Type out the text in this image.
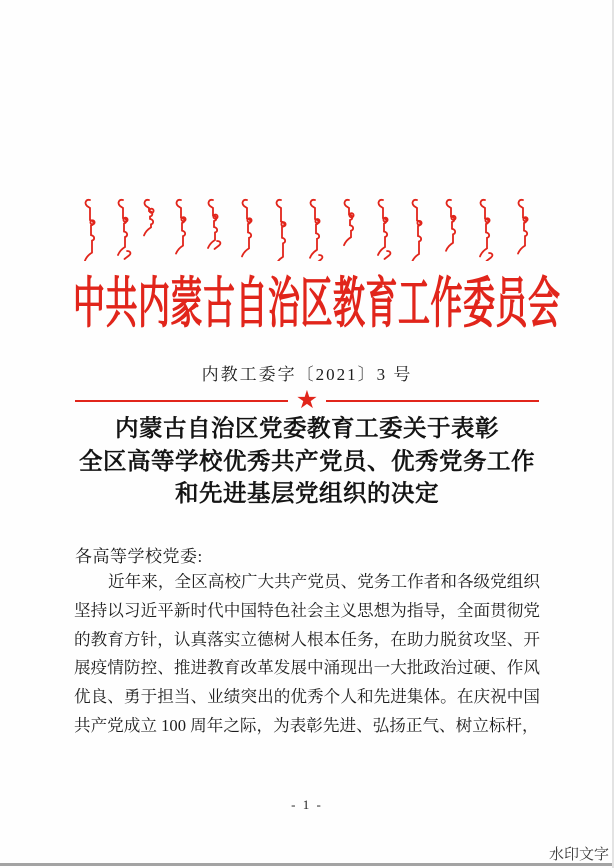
中共内蒙古自治区教育工作委员会
内教工委字〔2021〕3 号
★
内蒙古自治区党委教育工委关于表彰
全区高等学校优秀共产党员、优秀党务工作
和先进基层党组织的决定
各高等学校党委:
近年来，全区高校广大共产党员、党务工作者和各级党组织坚持以习近平新时代中国特色社会主义思想为指导，全面贯彻党的教育方针，认真落实立德树人根本任务，在助力脱贫攻坚、开展疫情防控、推进教育改革发展中涌现出一大批政治过硬、作风优良、勇于担当、业绩突出的优秀个人和先进集体。在庆祝中国共产党成立 100 周年之际，为表彰先进、弘扬正气、树立标杆，
- 1 -
水印文字
